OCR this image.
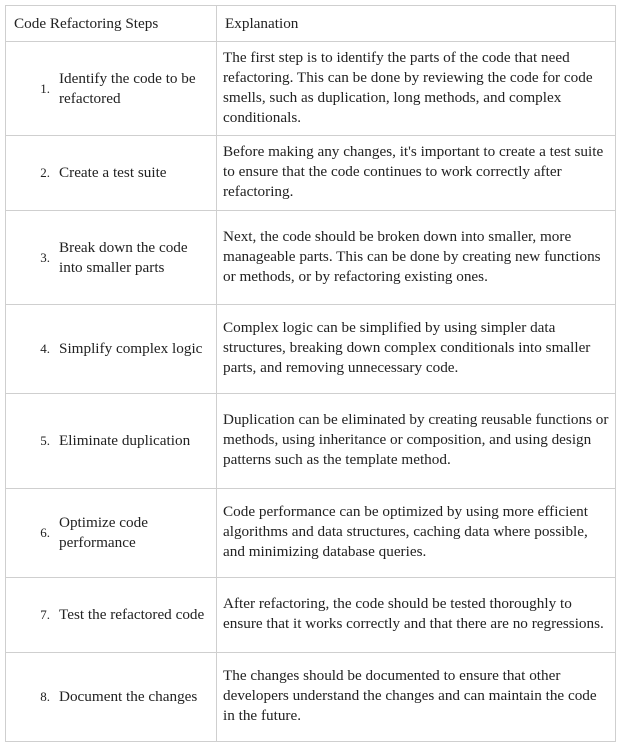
Code Refactoring Steps	Explanation

1.
Identify the code to be refactored	The first step is to identify the parts of the code that need refactoring. This can be done by reviewing the code for code smells, such as duplication, long methods, and complex conditionals.

2. Create a test suite	Before making any changes, it's important to create a test suite to ensure that the code continues to work correctly after refactoring.

3.
Break down the code into smaller parts	Next, the code should be broken down into smaller, more manageable parts. This can be done by creating new functions or methods, or by refactoring existing ones.

4. Simplify complex logic	Complex logic can be simplified by using simpler data structures, breaking down complex conditionals into smaller parts, and removing unnecessary code.

5. Eliminate duplication	Duplication can be eliminated by creating reusable functions or methods, using inheritance or composition, and using design patterns such as the template method.

6.
Optimize code performance	Code performance can be optimized by using more efficient algorithms and data structures, caching data where possible, and minimizing database queries.

7. Test the refactored code	After refactoring, the code should be tested thoroughly to ensure that it works correctly and that there are no regressions.

8. Document the changes	The changes should be documented to ensure that other developers understand the changes and can maintain the code in the future.
